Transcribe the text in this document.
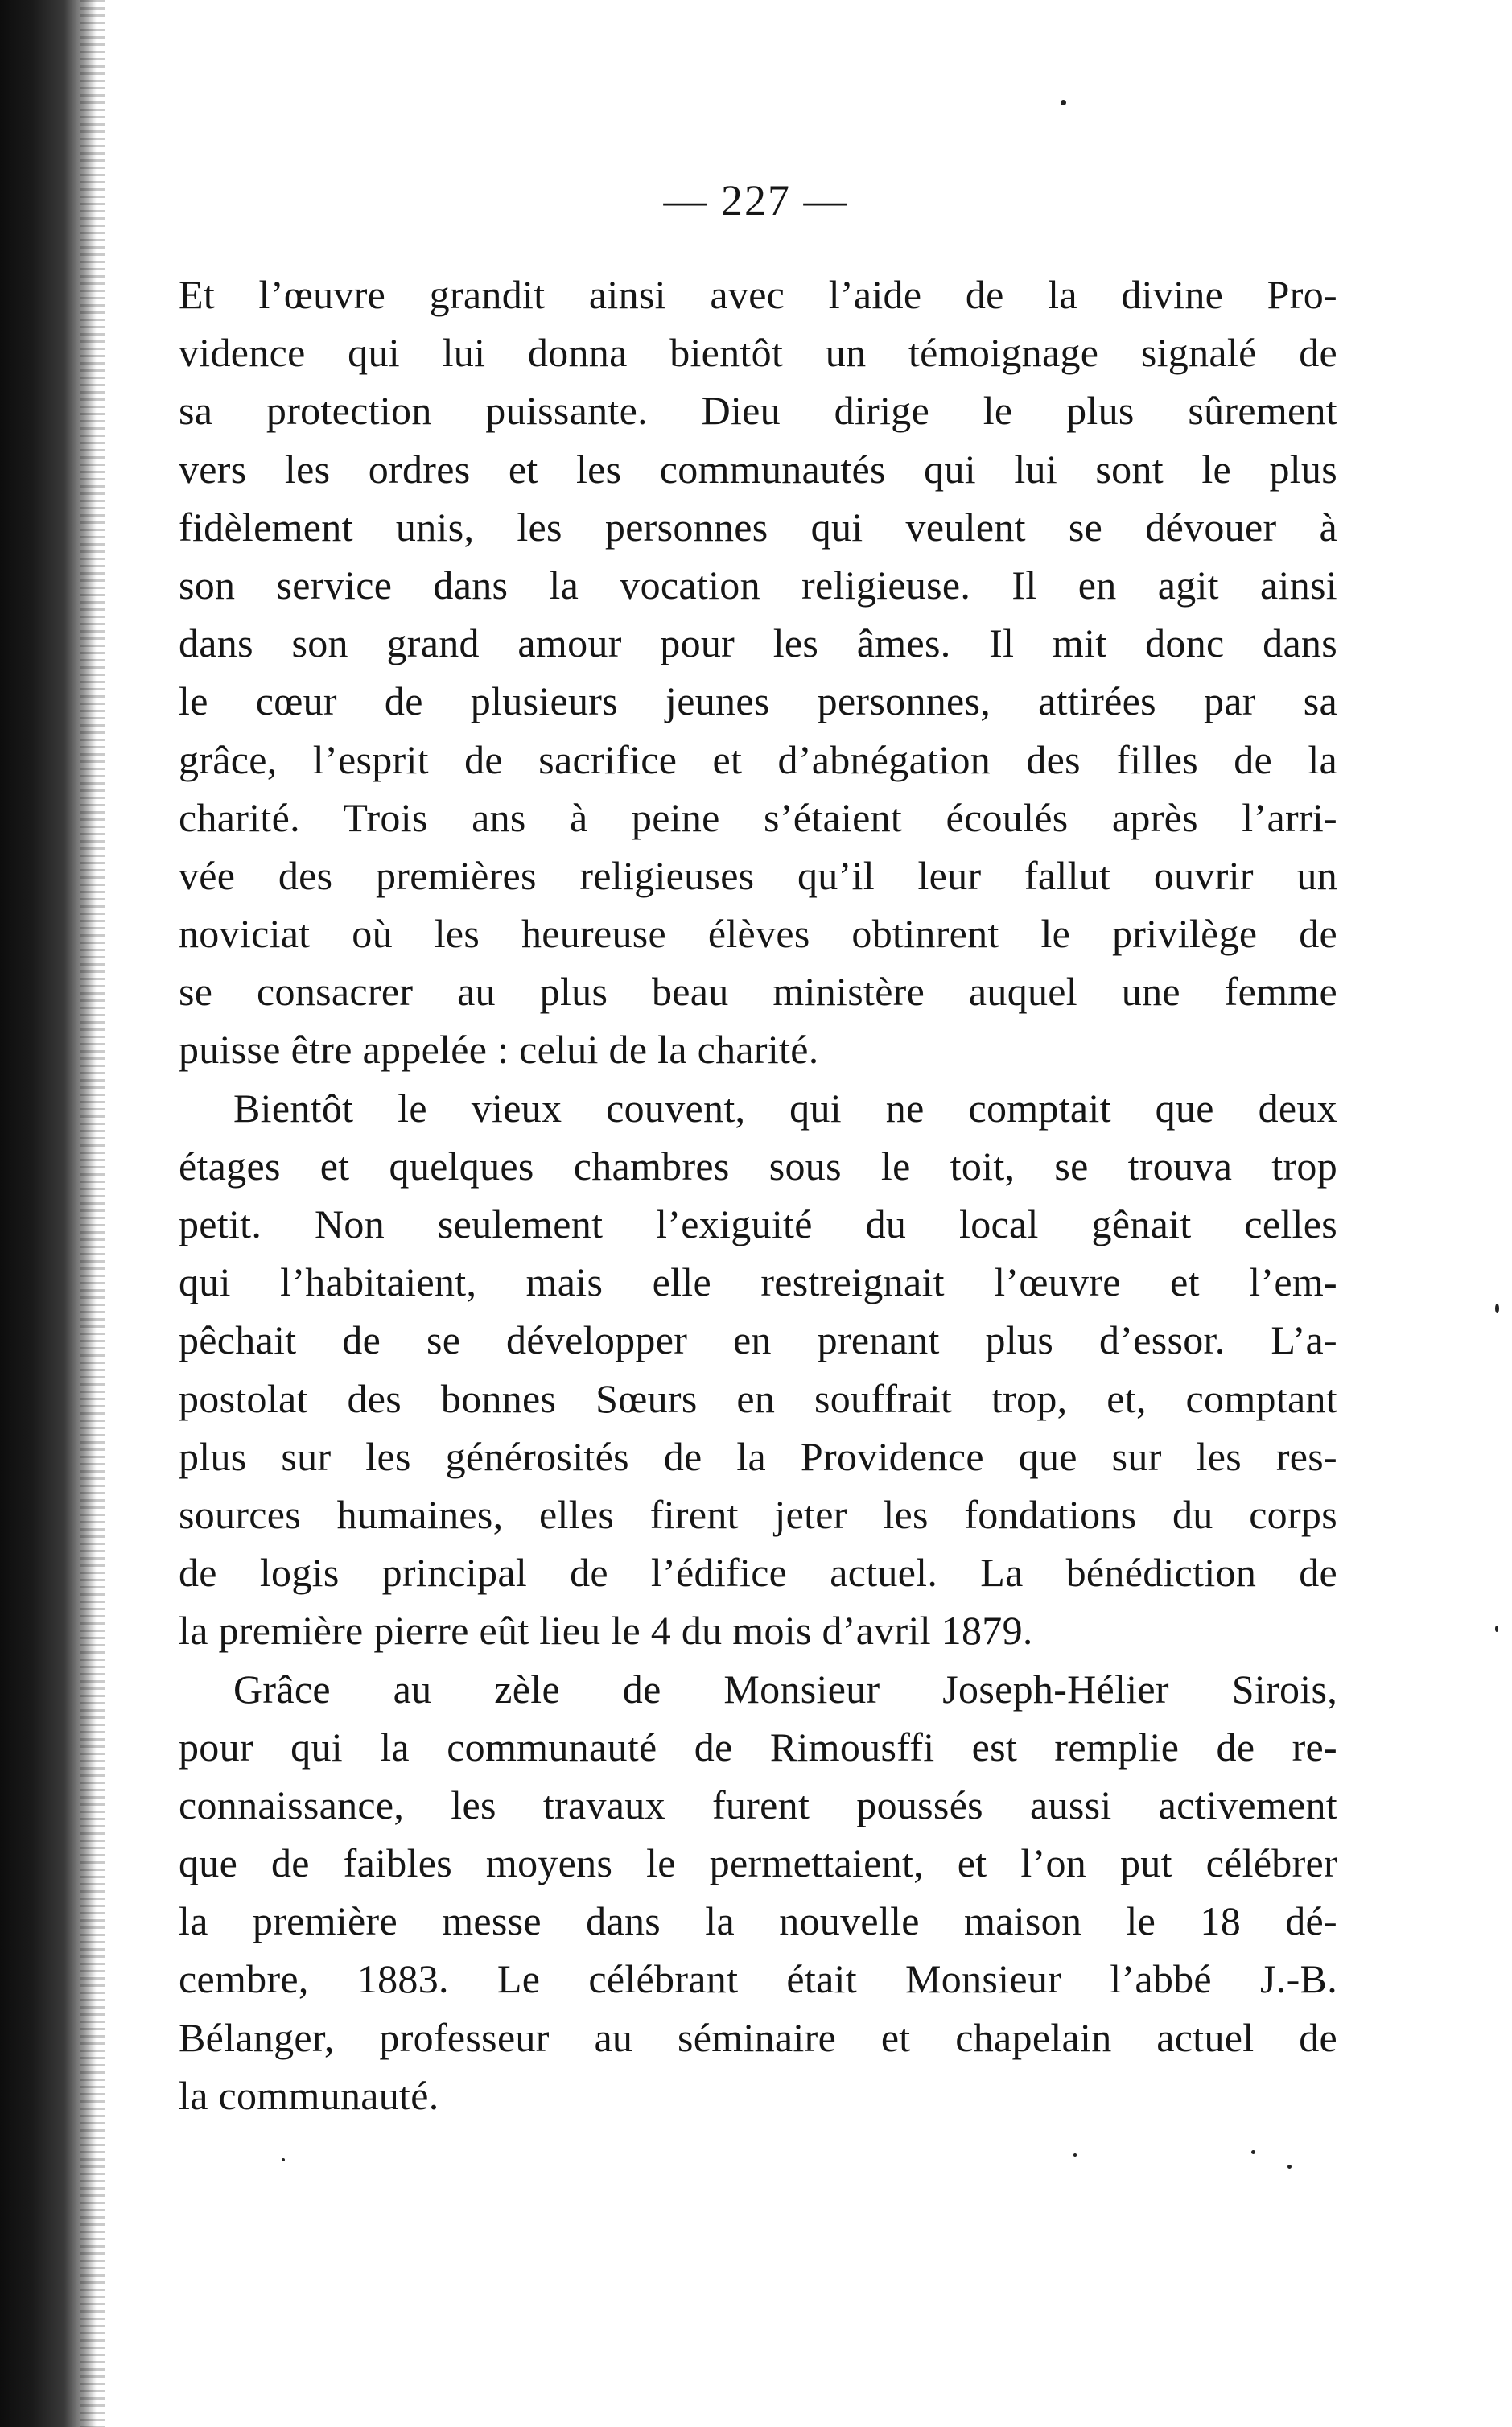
— 227 —
Et l’œuvre grandit ainsi avec l’aide de la divine Pro-
vidence qui lui donna bientôt un témoignage signalé de
sa protection puissante. Dieu dirige le plus sûrement
vers les ordres et les communautés qui lui sont le plus
fidèlement unis, les personnes qui veulent se dévouer à
son service dans la vocation religieuse. Il en agit ainsi
dans son grand amour pour les âmes. Il mit donc dans
le cœur de plusieurs jeunes personnes, attirées par sa
grâce, l’esprit de sacrifice et d’abnégation des filles de la
charité. Trois ans à peine s’étaient écoulés après l’arri-
vée des premières religieuses qu’il leur fallut ouvrir un
noviciat où les heureuse élèves obtinrent le privilège de
se consacrer au plus beau ministère auquel une femme
puisse être appelée : celui de la charité.
Bientôt le vieux couvent, qui ne comptait que deux
étages et quelques chambres sous le toit, se trouva trop
petit. Non seulement l’exiguité du local gênait celles
qui l’habitaient, mais elle restreignait l’œuvre et l’em-
pêchait de se développer en prenant plus d’essor. L’a-
postolat des bonnes Sœurs en souffrait trop, et, comptant
plus sur les générosités de la Providence que sur les res-
sources humaines, elles firent jeter les fondations du corps
de logis principal de l’édifice actuel. La bénédiction de
la première pierre eût lieu le 4 du mois d’avril 1879.
Grâce au zèle de Monsieur Joseph-Hélier Sirois,
pour qui la communauté de Rimousffi est remplie de re-
connaissance, les travaux furent poussés aussi activement
que de faibles moyens le permettaient, et l’on put célébrer
la première messe dans la nouvelle maison le 18 dé-
cembre, 1883. Le célébrant était Monsieur l’abbé J.-B.
Bélanger, professeur au séminaire et chapelain actuel de
la communauté.
